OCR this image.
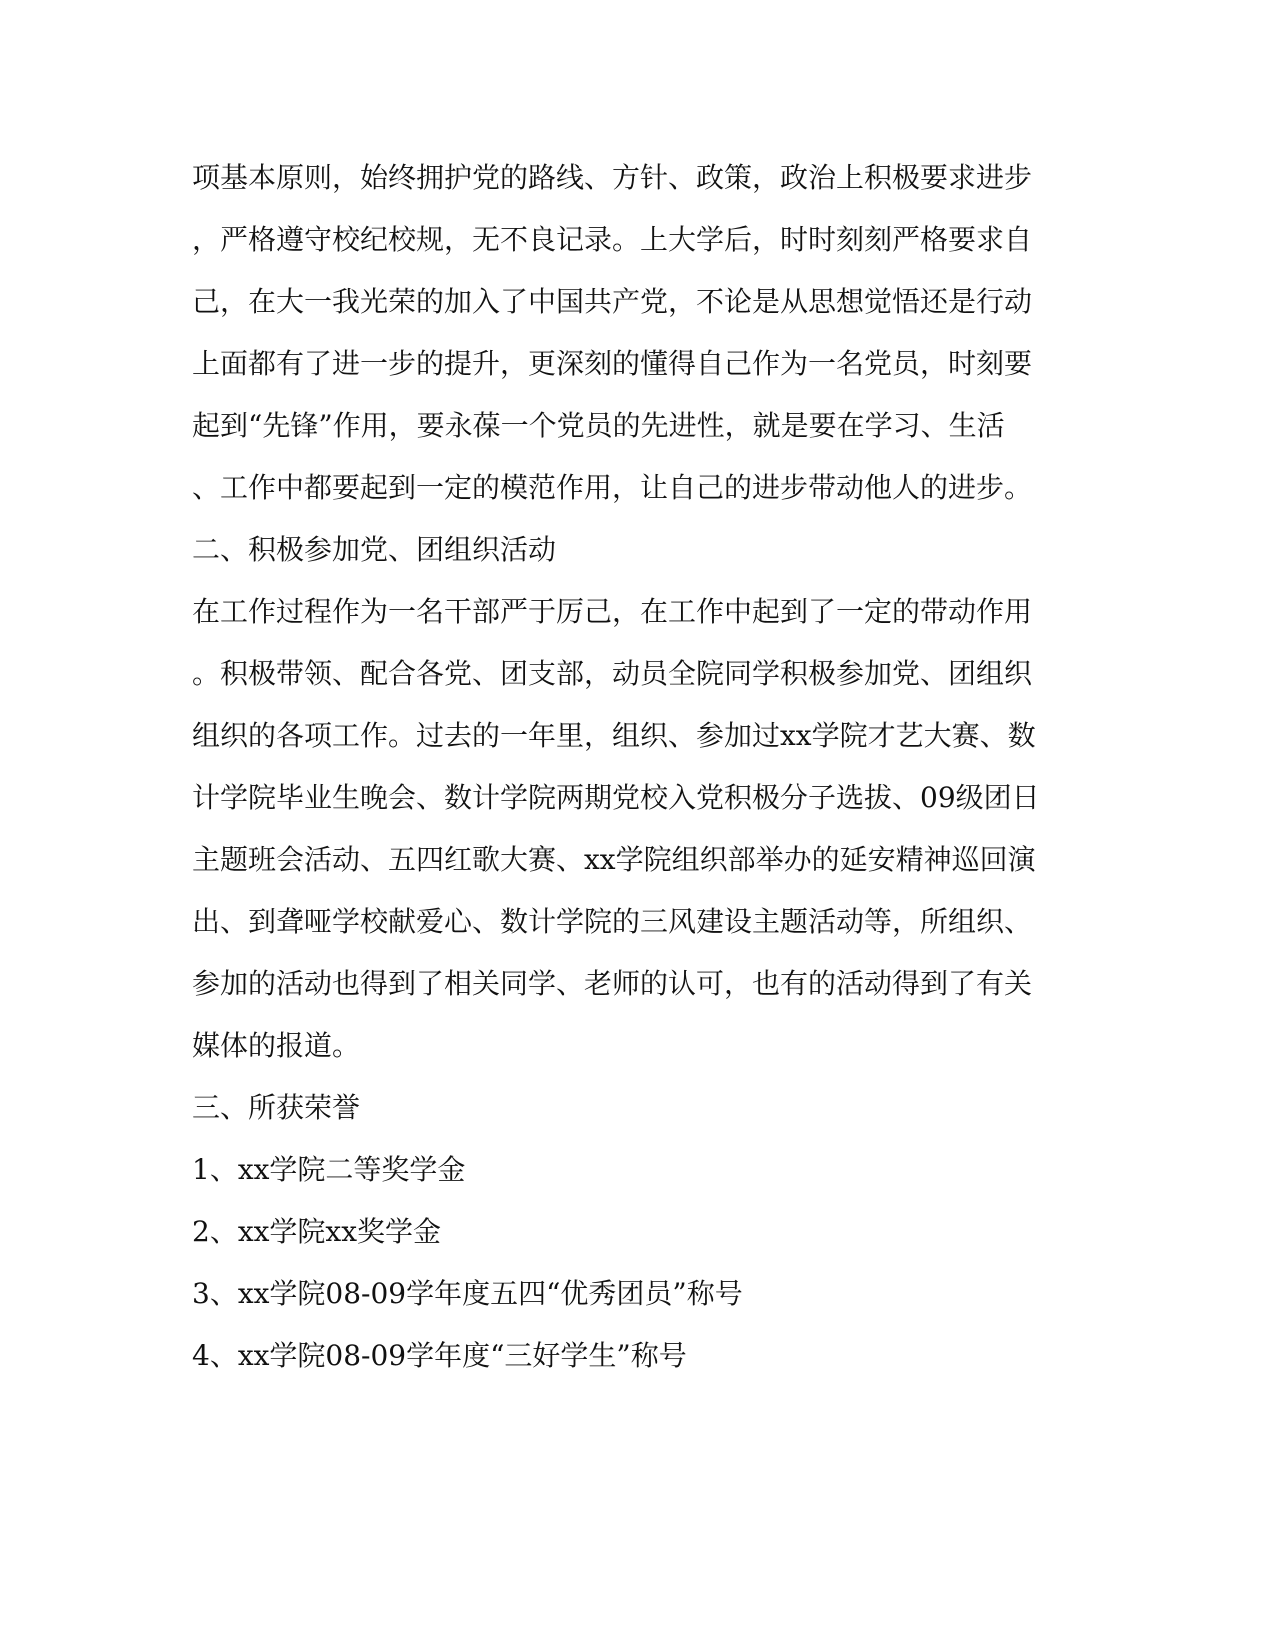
项基本原则，始终拥护党的路线、方针、政策，政治上积极要求进步
，严格遵守校纪校规，无不良记录。上大学后，时时刻刻严格要求自
己，在大一我光荣的加入了中国共产党，不论是从思想觉悟还是行动
上面都有了进一步的提升，更深刻的懂得自己作为一名党员，时刻要
起到“先锋”作用，要永葆一个党员的先进性，就是要在学习、生活
、工作中都要起到一定的模范作用，让自己的进步带动他人的进步。
二、积极参加党、团组织活动
在工作过程作为一名干部严于厉己，在工作中起到了一定的带动作用
。积极带领、配合各党、团支部，动员全院同学积极参加党、团组织
组织的各项工作。过去的一年里，组织、参加过xx学院才艺大赛、数
计学院毕业生晚会、数计学院两期党校入党积极分子选拔、09级团日
主题班会活动、五四红歌大赛、xx学院组织部举办的延安精神巡回演
出、到聋哑学校献爱心、数计学院的三风建设主题活动等，所组织、
参加的活动也得到了相关同学、老师的认可，也有的活动得到了有关
媒体的报道。
三、所获荣誉
1、xx学院二等奖学金
2、xx学院xx奖学金
3、xx学院08-09学年度五四“优秀团员”称号
4、xx学院08-09学年度“三好学生”称号
